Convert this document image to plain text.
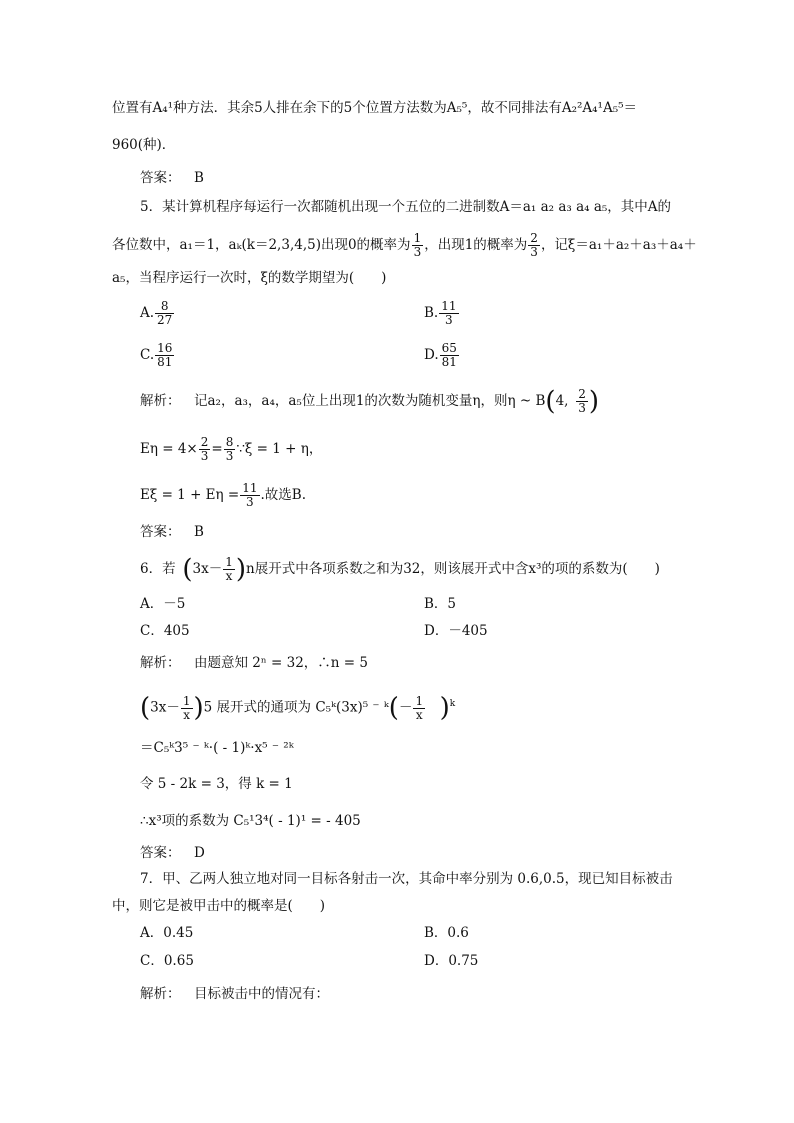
位置有A₄¹种方法．其余5人排在余下的5个位置方法数为A₅⁵，故不同排法有A₂²A₄¹A₅⁵＝
960(种)．
答案：  B
5．某计算机程序每运行一次都随机出现一个五位的二进制数A＝a₁ a₂ a₃ a₄ a₅，其中A的
各位数中，a₁＝1，aₖ(k＝2,3,4,5)出现0的概率为 $\frac{1}{3}$ ，出现1的概率为 $\frac{2}{3}$ ，记ξ＝a₁＋a₂＋a₃＋a₄＋
a₅，当程序运行一次时，ξ的数学期望为(　　)
A. $\frac{8}{27}$	B. $\frac{11}{3}$
C. $\frac{16}{81}$	D. $\frac{65}{81}$
解析：  记a₂，a₃，a₄，a₅位上出现1的次数为随机变量η，则η ~ B(4,  $\frac{2}{3}$ )
$E\eta = 4\times \frac{2}{3} = \frac{8}{3}$ ∵ξ = 1 + η，
$E\xi = 1 + E\eta = \frac{11}{3}$ .故选B.
答案：  B
6．若  $(3x- \frac{1}{x} )n$展开式中各项系数之和为32，则该展开式中含x³的项的系数为(　　)
A．－5	B．5
C．405	D．－405
解析：  由题意知 2ⁿ = 32，∴n = 5
$(3x- \frac{1}{x} )5$ 展开式的通项为 C₅ᵏ(3x)⁵ ⁻ ᵏ(－ $\frac{1}{x}$
  )$^k$
＝C₅ᵏ3⁵ ⁻ ᵏ·( - 1)ᵏ·x⁵ ⁻ ²ᵏ
令 5 - 2k = 3，得 k = 1
∴x³项的系数为 C₅¹3⁴( - 1)¹ = - 405
答案：  D
7．甲、乙两人独立地对同一目标各射击一次，其命中率分别为 0.6,0.5，现已知目标被击
中，则它是被甲击中的概率是(　　)
A．0.45	B．0.6
C．0.65	D．0.75
解析：  目标被击中的情况有：
